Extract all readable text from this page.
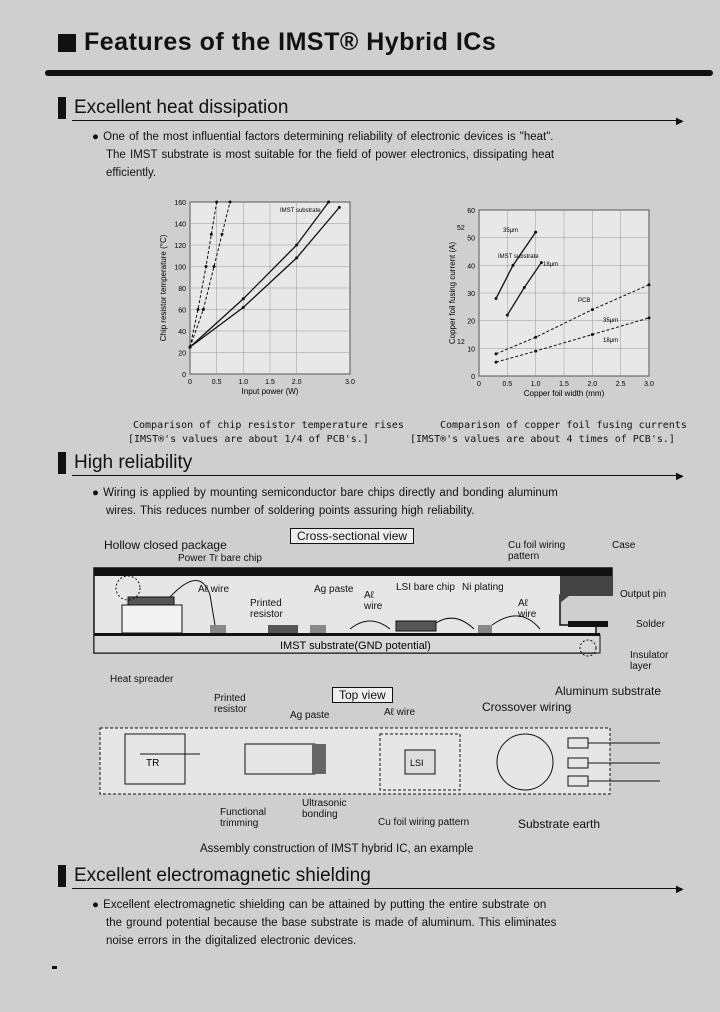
Features of the IMST® Hybrid ICs
Excellent heat dissipation
▶
● One of the most influential factors determining reliability of electronic devices is "heat".
The IMST substrate is most suitable for the field of power electronics, dissipating heat
efficiently.
0
20
40
60
80
100
120
140
160
0	0.5 1.0 1.5 2.0	3.0
Input power (W)
Chip resistor temperature (°C)
IMST substrate
Comparison of chip resistor temperature rises
[IMST®'s values are about 1/4 of PCB's.]
0
10
20
30
40
50
60
0	0.5	1.0	1.5	2.0	2.5	3.0
Copper foil width (mm)
Copper foil fusing current (A)
35μm
18μm
IMST substrate
PCB
35μm
18μm
52
12
Comparison of copper foil fusing currents
[IMST®'s values are about 4 times of PCB's.]
High reliability
▶
● Wiring is applied by mounting semiconductor bare chips directly and bonding aluminum
wires. This reduces number of soldering points assuring high reliability.
IMST substrate(GND potential)
Cross-sectional view
Hollow closed package
Power Tr bare chip
Aℓ wire
Printed resistor
Ag paste
Aℓ wire
LSI bare chip Ni plating
Aℓ wire
Cu foil wiring pattern
Case
Output pin
Solder
Insulator layer
Heat spreader
Aluminum substrate
Top view
TR	LSI
Printed resistor
Ag paste	Aℓ wire	Crossover wiring
Functional trimming
Ultrasonic bonding
Cu foil wiring pattern	Substrate earth
Assembly construction of IMST hybrid IC, an example
Excellent electromagnetic shielding
▶
● Excellent electromagnetic shielding can be attained by putting the entire substrate on
the ground potential because the base substrate is made of aluminum. This eliminates
noise errors in the digitalized electronic devices.
